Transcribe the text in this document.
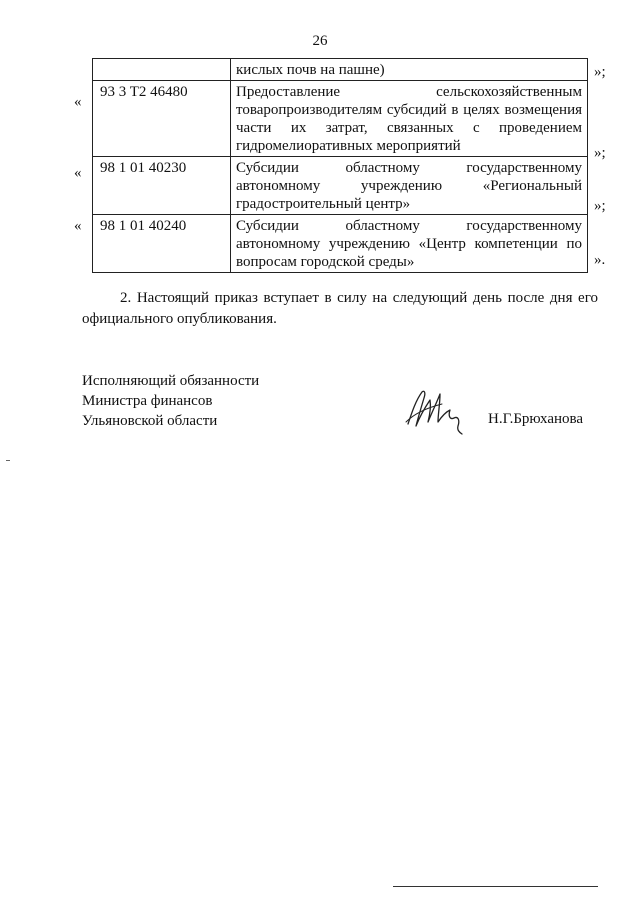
26
	кислых почв на пашне)
93 3 T2 46480	Предоставление сельскохозяйственным товаропроизводителям субсидий в целях возмещения части их затрат, связанных с проведением гидромелиоративных мероприятий
98 1 01 40230	Субсидии областному государственному автономному учреждению «Региональный градостроительный центр»
98 1 01 40240	Субсидии областному государственному автономному учреждению «Центр компетенции по вопросам городской среды»
»;
«
»;
«
»;
«
».

2. Настоящий приказ вступает в силу на следующий день после дня его официального опубликования.

Исполняющий обязанности
Министра финансов
Ульяновской области	Н.Г.Брюханова
